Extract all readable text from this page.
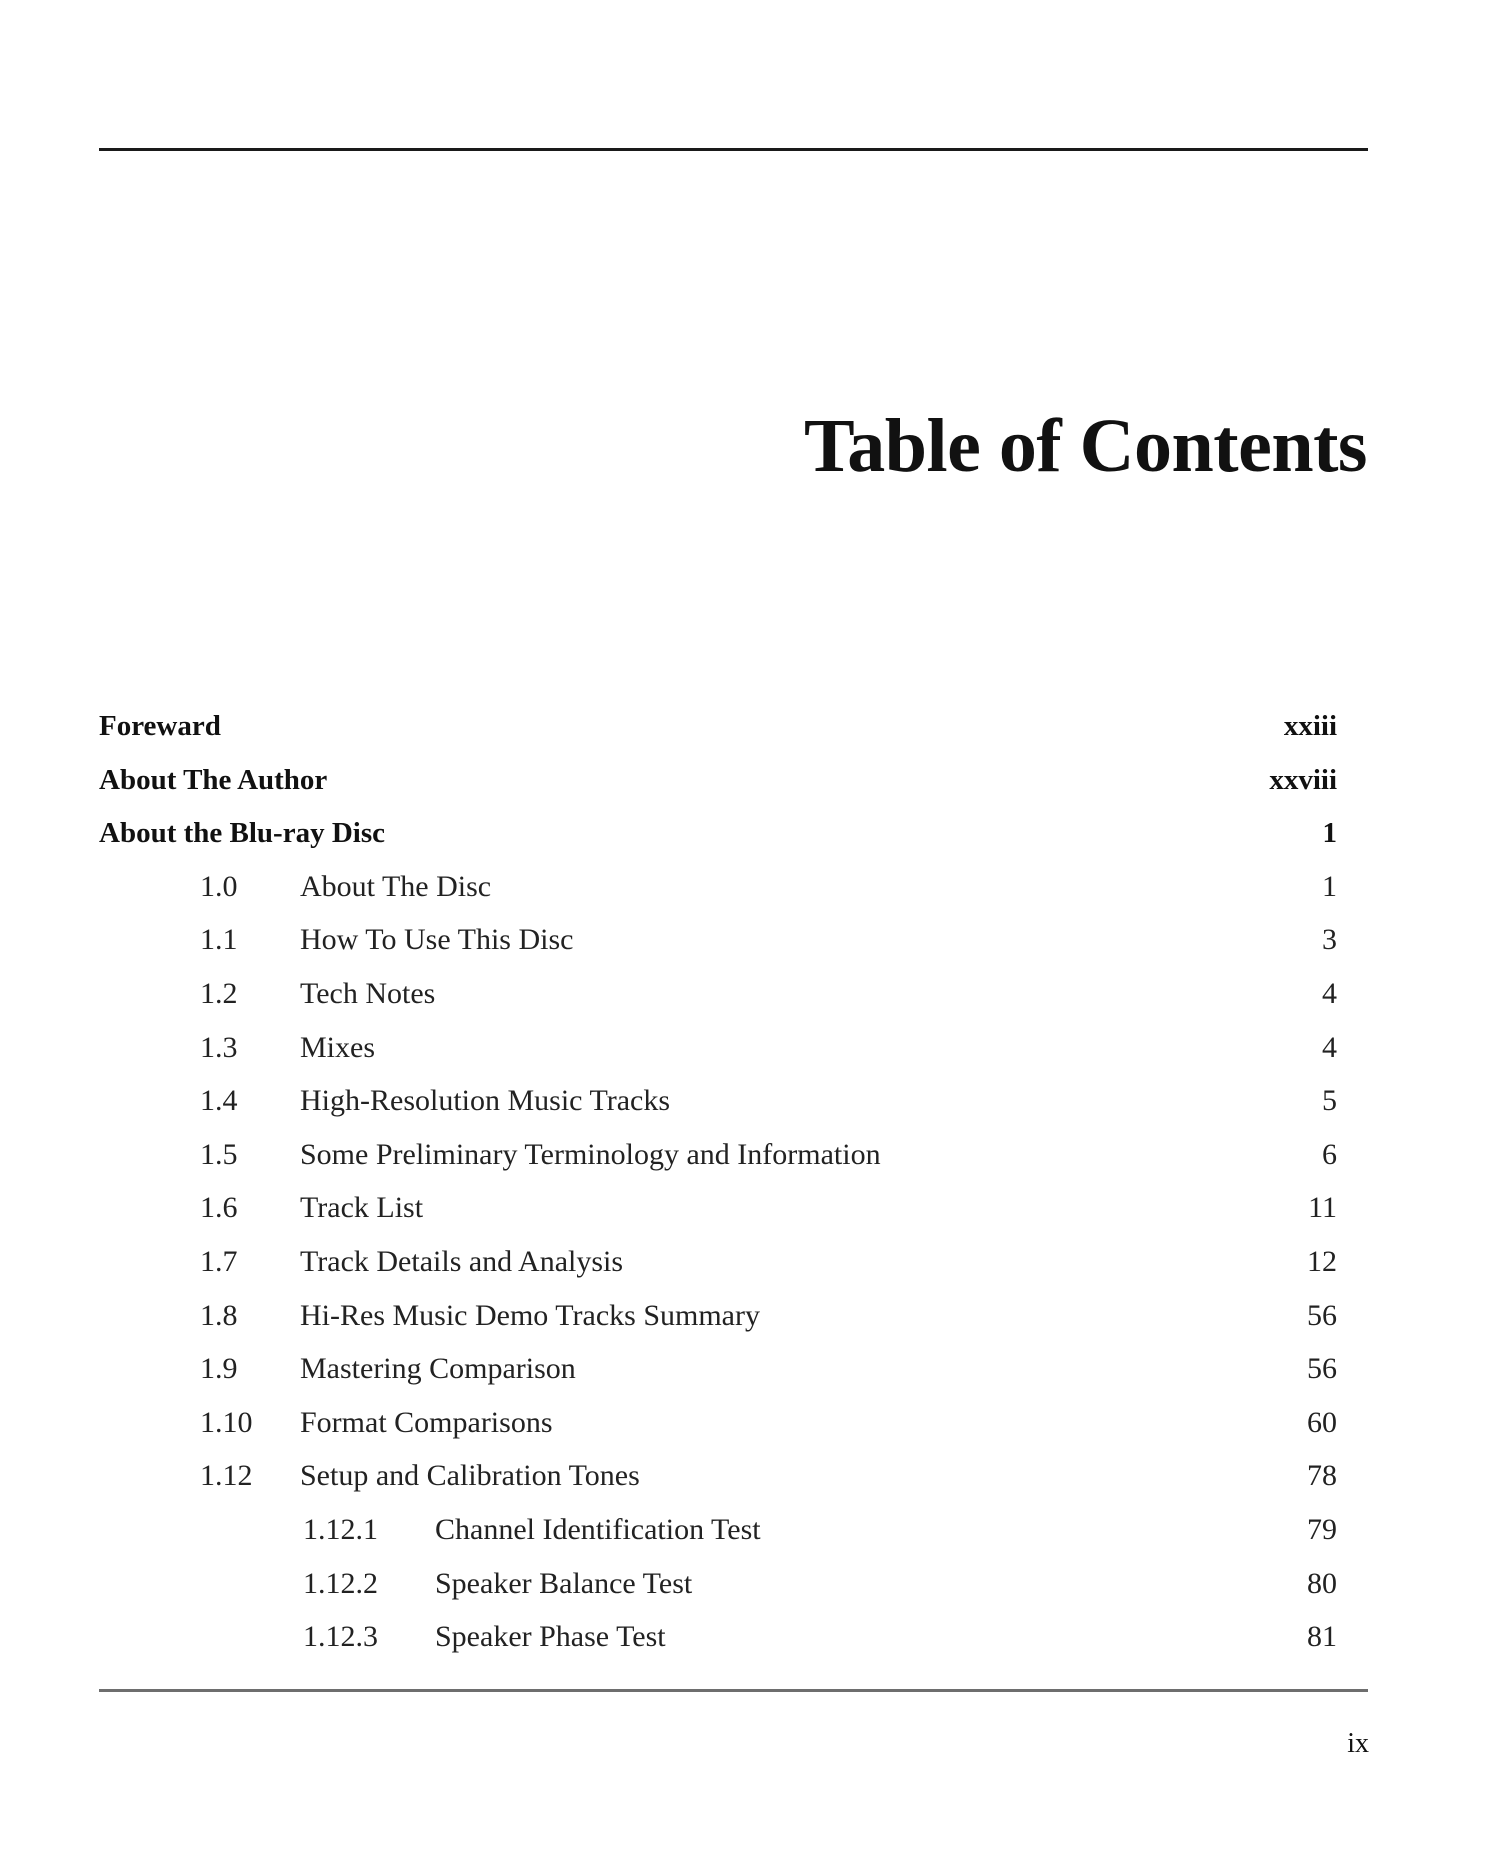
Table of Contents
Foreward	xxiii
About The Author	xxviii
About the Blu-ray Disc	1
1.0 About The Disc	1
1.1 How To Use This Disc	3
1.2 Tech Notes	4
1.3 Mixes	4
1.4 High-Resolution Music Tracks	5
1.5 Some Preliminary Terminology and Information	6
1.6 Track List	11
1.7 Track Details and Analysis	12
1.8 Hi-Res Music Demo Tracks Summary	56
1.9 Mastering Comparison	56
1.10 Format Comparisons	60
1.12 Setup and Calibration Tones	78
1.12.1 Channel Identification Test	79
1.12.2 Speaker Balance Test	80
1.12.3 Speaker Phase Test	81
ix
